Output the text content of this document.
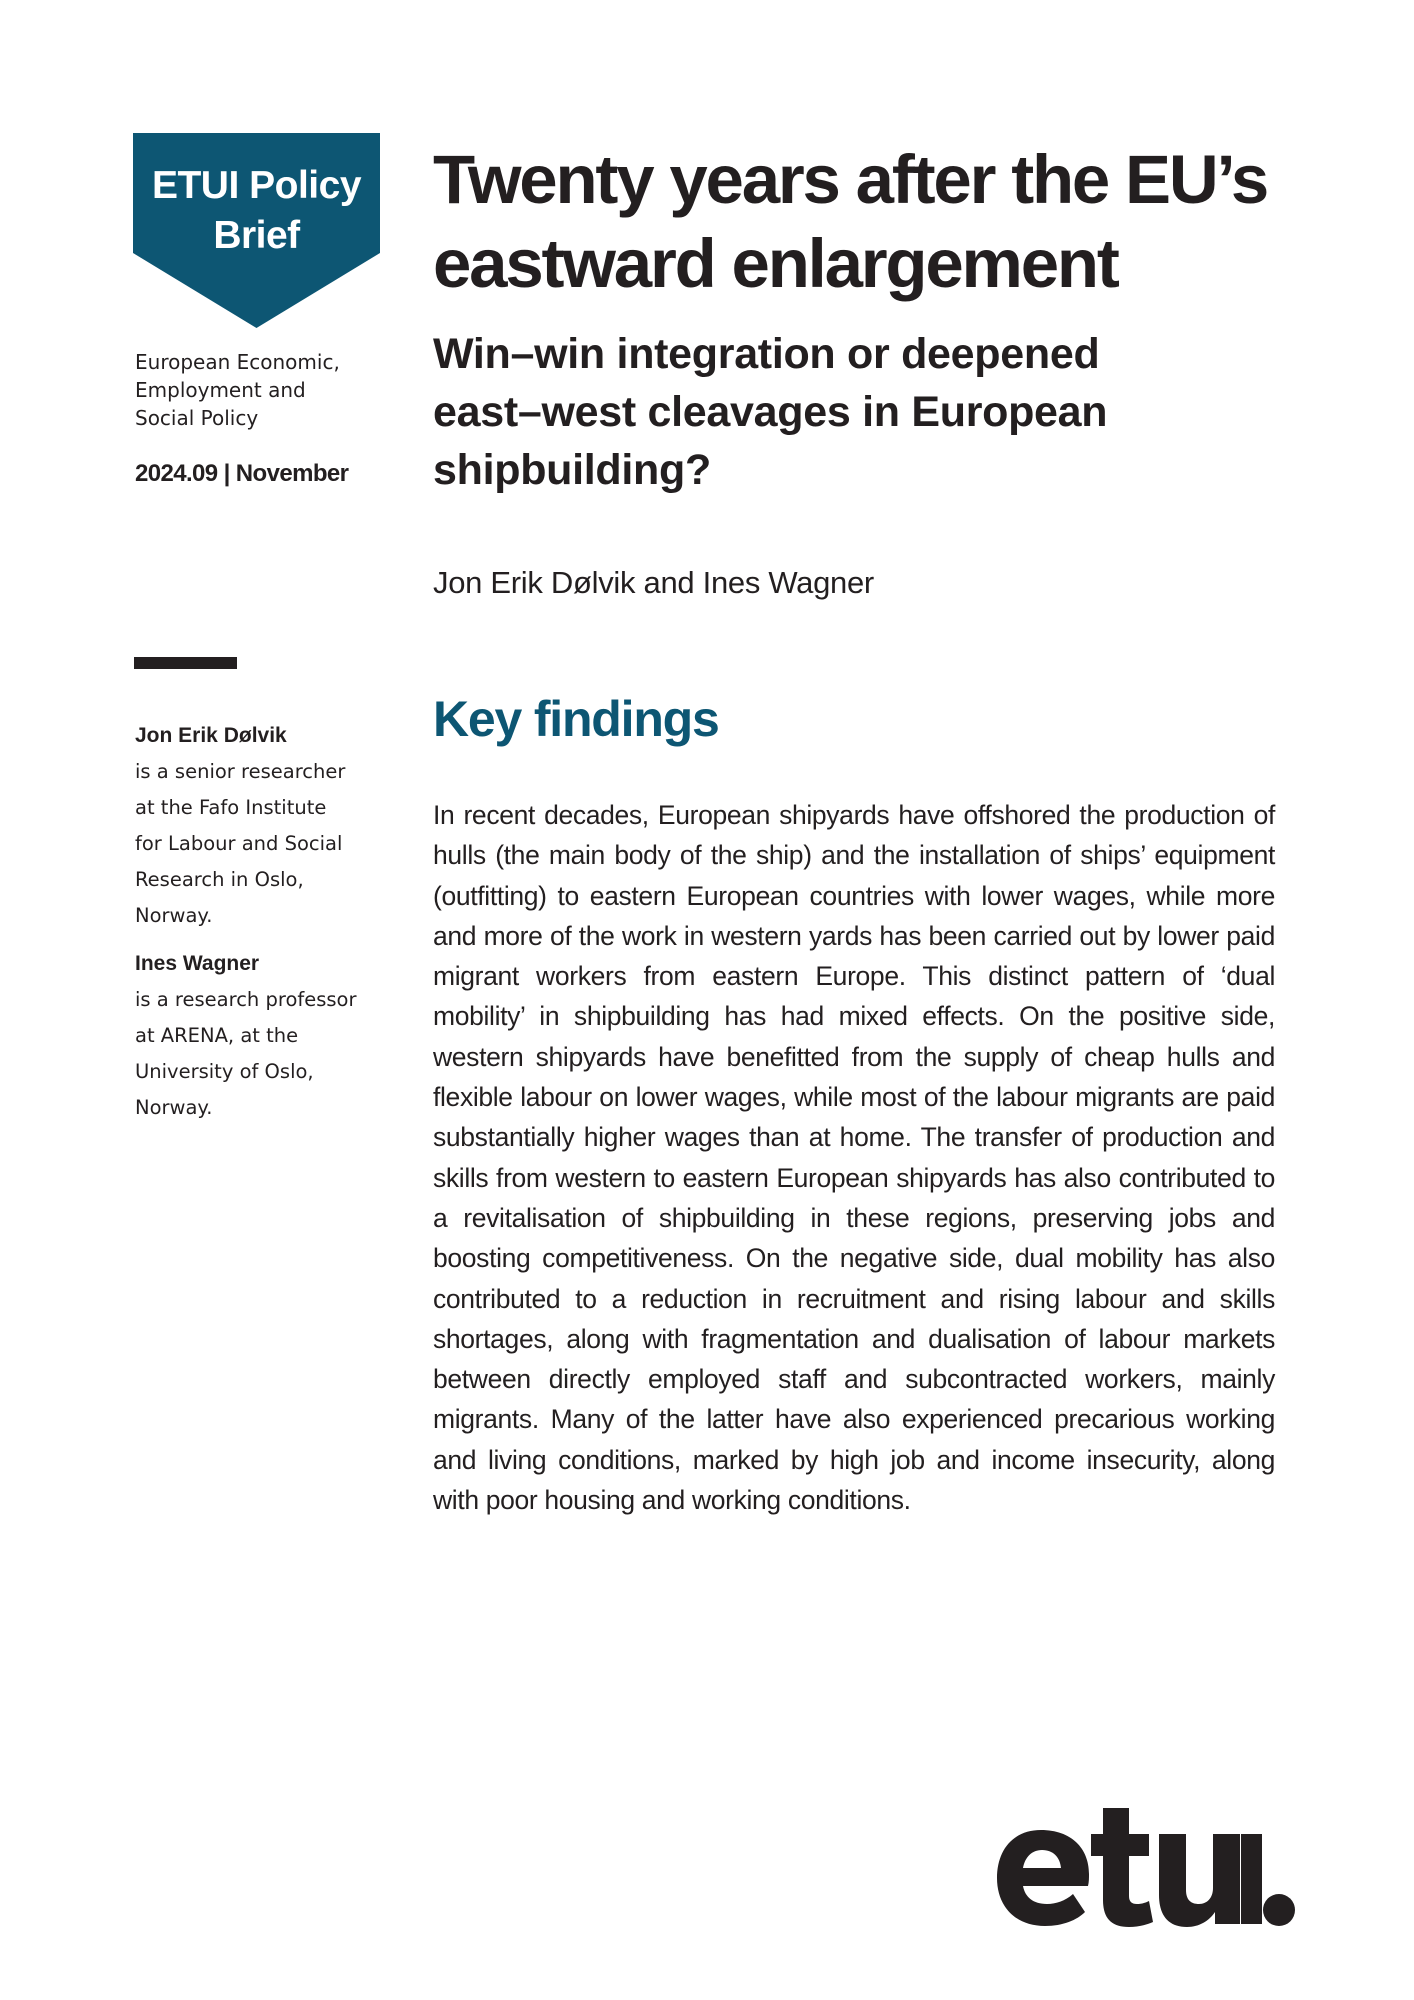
ETUI Policy
Brief
European Economic,
Employment and
Social Policy
2024.09 | November
Jon Erik Dølvik
is a senior researcher
at the Fafo Institute
for Labour and Social
Research in Oslo,
Norway.
Ines Wagner
is a research professor
at ARENA, at the
University of Oslo,
Norway.
Twenty years after the EU’s
eastward enlargement
Win–win integration or deepened
east–west cleavages in European
shipbuilding?
Jon Erik Dølvik and Ines Wagner
Key findings

In recent decades, European shipyards have offshored the production of hulls (the main body of the ship) and the installation of ships’ equipment (outfitting) to eastern European countries with lower wages, while more and more of the work in western yards has been carried out by lower paid migrant workers from eastern Europe. This distinct pattern of ‘dual mobility’ in shipbuilding has had mixed effects. On the positive side, western shipyards have benefitted from the supply of cheap hulls and flexible labour on lower wages, while most of the labour migrants are paid substantially higher wages than at home. The transfer of production and skills from western to eastern European shipyards has also contributed to a revitalisation of shipbuilding in these regions, preserving jobs and boosting competitiveness. On the negative side, dual mobility has also contributed to a reduction in recruitment and rising labour and skills shortages, along with fragmentation and dualisation of labour markets between directly employed staff and subcontracted workers, mainly migrants. Many of the latter have also experienced precarious working and living conditions, marked by high job and income insecurity, along with poor housing and working conditions.
